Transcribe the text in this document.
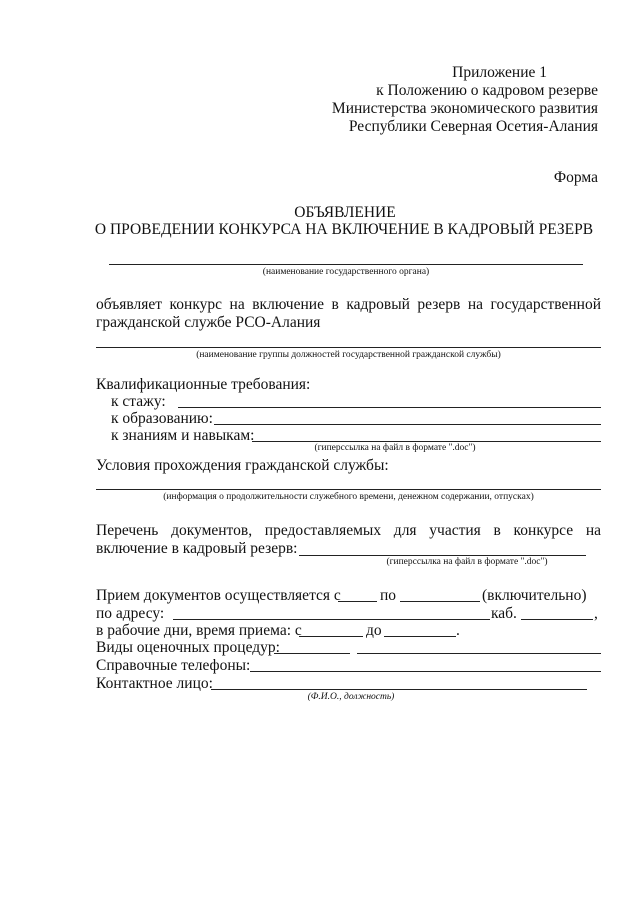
Приложение 1
к Положению о кадровом резерве
Министерства экономического развития
Республики Северная Осетия-Алания
Форма
ОБЪЯВЛЕНИЕ
О ПРОВЕДЕНИИ КОНКУРСА НА ВКЛЮЧЕНИЕ В КАДРОВЫЙ РЕЗЕРВ
(наименование государственного органа)
объявляет конкурс на включение в кадровый резерв на государственной
гражданской службе РСО-Алания
(наименование группы должностей государственной гражданской службы)
Квалификационные требования:
к стажу:
к образованию:
к знаниям и навыкам:
(гиперссылка на файл в формате ".doc")
Условия прохождения гражданской службы:
(информация о продолжительности служебного времени, денежном содержании, отпусках)
Перечень документов, предоставляемых для участия в конкурсе на
включение в кадровый резерв:
(гиперссылка на файл в формате ".doc")
Прием документов осуществляется с	по	(включительно)
по адресу:	каб.	,
в рабочие дни, время приема: с	до	.
Виды оценочных процедур:
Справочные телефоны:
Контактное лицо:
(Ф.И.О., должность)
